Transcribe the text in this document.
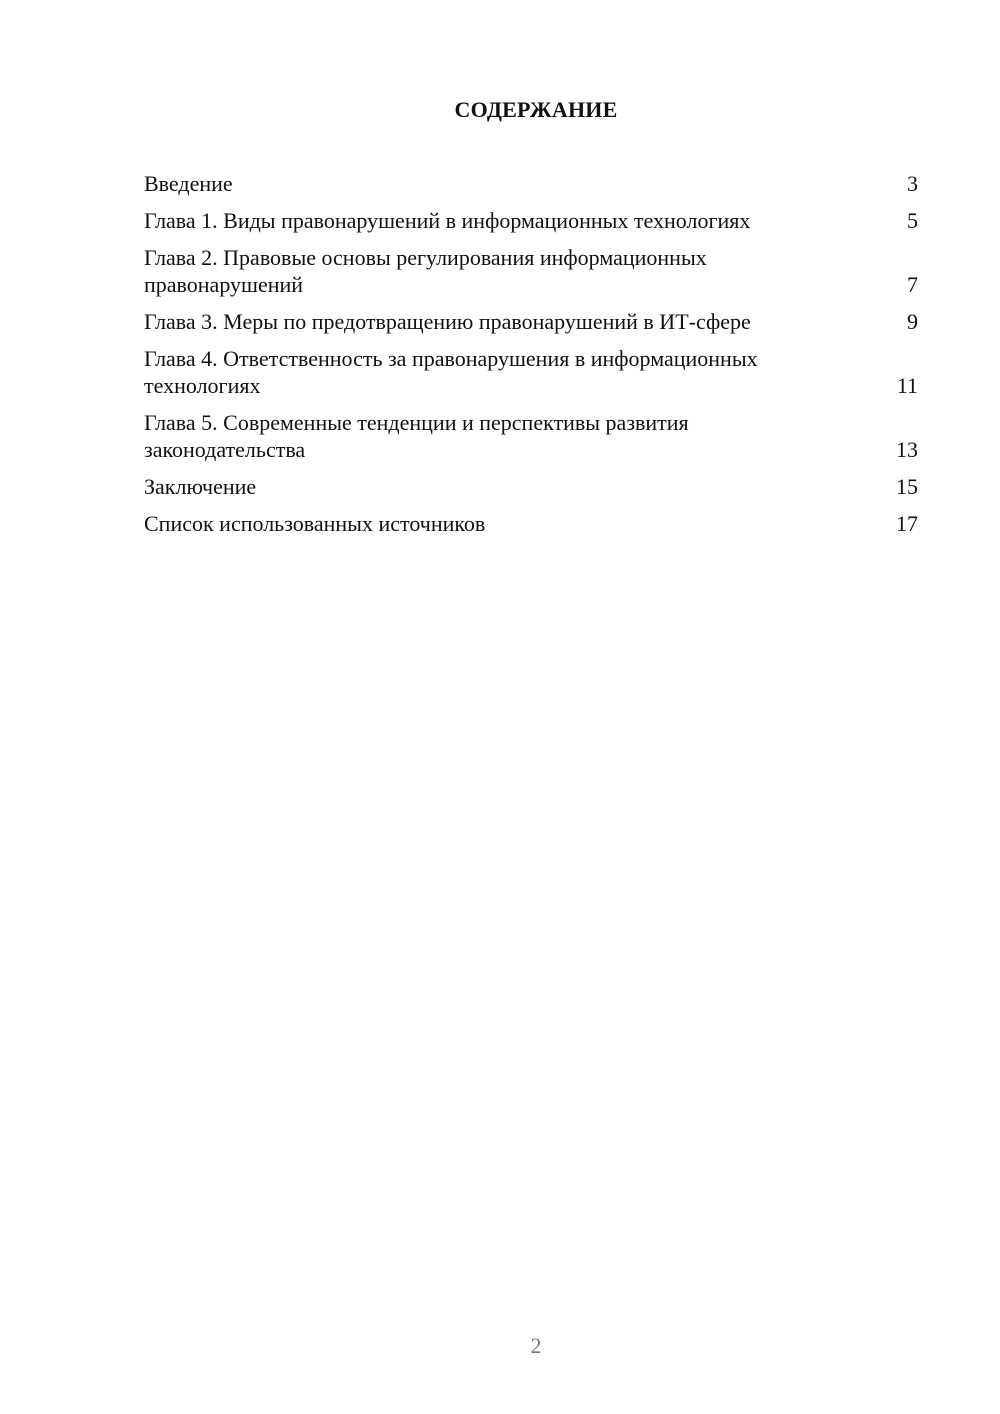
СОДЕРЖАНИЕ
Введение	3
Глава 1. Виды правонарушений в информационных технологиях	5
Глава 2. Правовые основы регулирования информационных правонарушений	7
Глава 3. Меры по предотвращению правонарушений в ИТ-сфере	9
Глава 4. Ответственность за правонарушения в информационных технологиях	11
Глава 5. Современные тенденции и перспективы развития законодательства	13
Заключение	15
Список использованных источников	17
2
